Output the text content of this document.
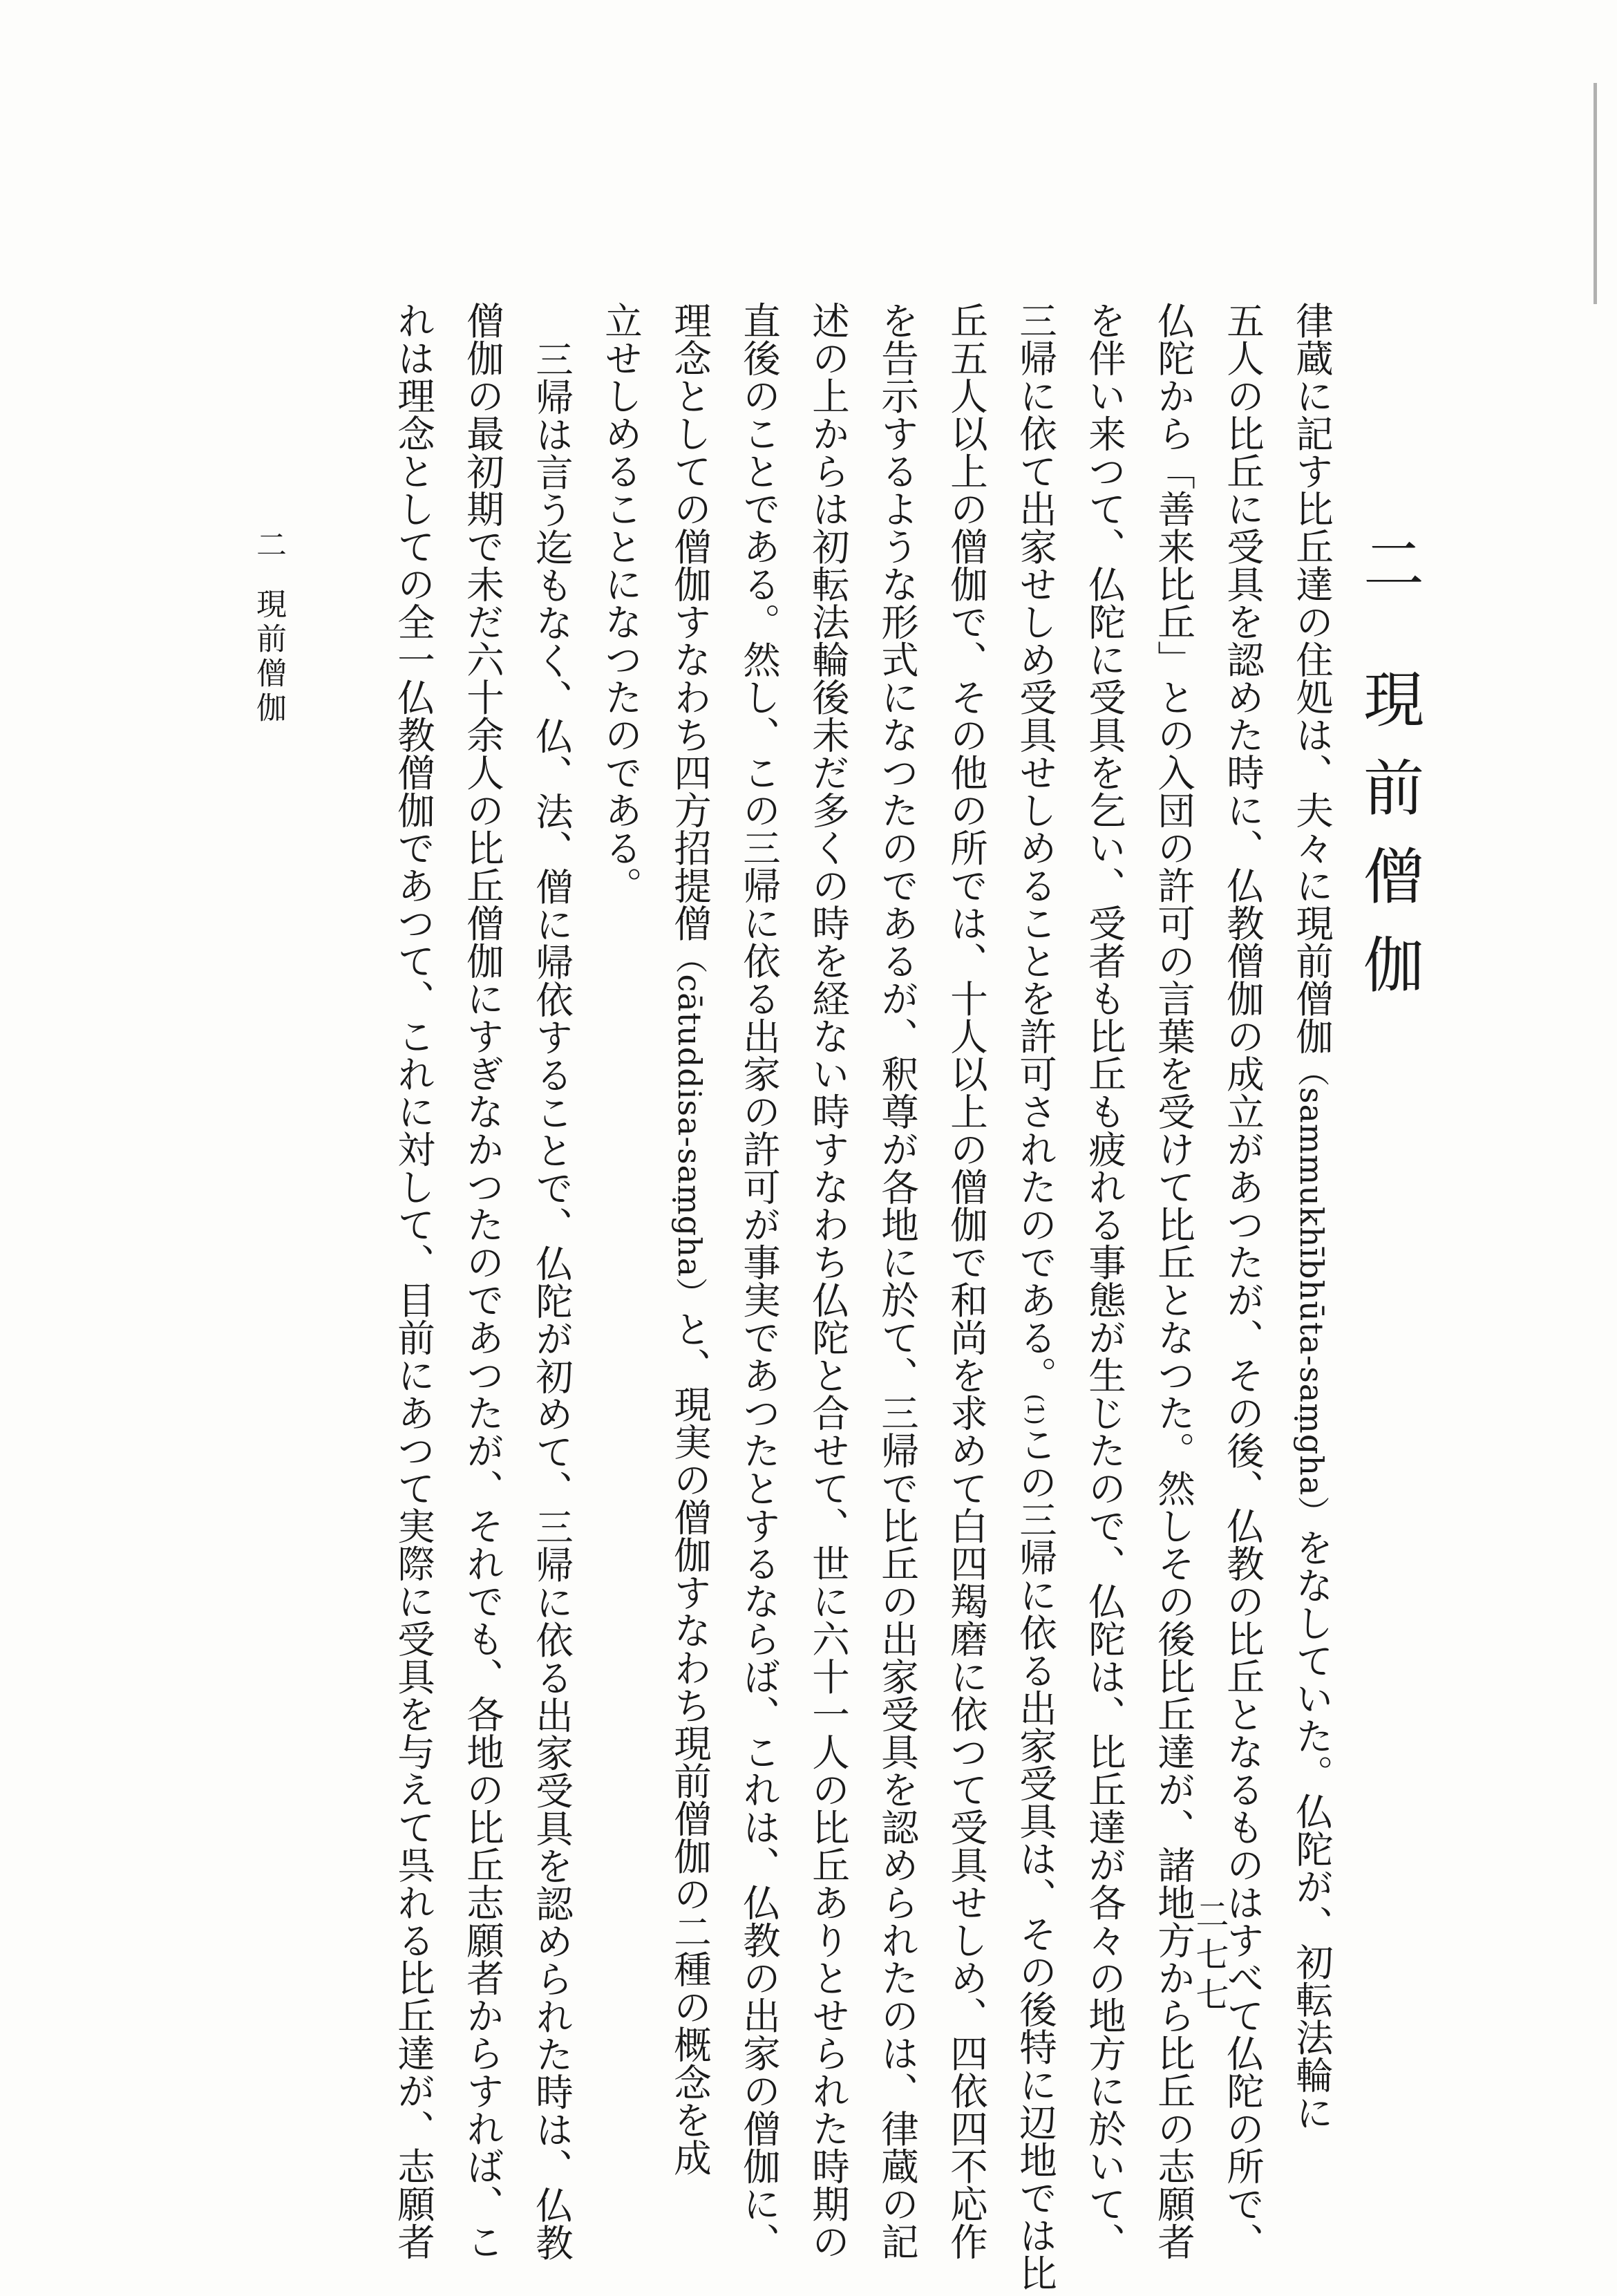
二 現前僧伽
律蔵に記す比丘達の住処は、夫々に現前僧伽（sammukhībhūta-saṃgha）をなしていた。仏陀が、初転法輪に
五人の比丘に受具を認めた時に、仏教僧伽の成立があつたが、その後、仏教の比丘となるものはすべて仏陀の所で、
仏陀から「善来比丘」との入団の許可の言葉を受けて比丘となつた。然しその後比丘達が、諸地方から比丘の志願者
を伴い来つて、仏陀に受具を乞い、受者も比丘も疲れる事態が生じたので、仏陀は、比丘達が各々の地方に於いて、
三帰に依て出家せしめ受具せしめることを許可されたのである。(1)この三帰に依る出家受具は、その後特に辺地では比
丘五人以上の僧伽で、その他の所では、十人以上の僧伽で和尚を求めて白四羯磨に依つて受具せしめ、四依四不応作
を告示するような形式になつたのであるが、釈尊が各地に於て、三帰で比丘の出家受具を認められたのは、律蔵の記
述の上からは初転法輪後未だ多くの時を経ない時すなわち仏陀と合せて、世に六十一人の比丘ありとせられた時期の
直後のことである。然し、この三帰に依る出家の許可が事実であつたとするならば、これは、仏教の出家の僧伽に、
理念としての僧伽すなわち四方招提僧（cātuddisa-saṃgha）と、現実の僧伽すなわち現前僧伽の二種の概念を成
立せしめることになつたのである。
三帰は言う迄もなく、仏、法、僧に帰依することで、仏陀が初めて、三帰に依る出家受具を認められた時は、仏教
僧伽の最初期で未だ六十余人の比丘僧伽にすぎなかつたのであつたが、それでも、各地の比丘志願者からすれば、こ
れは理念としての全一仏教僧伽であつて、これに対して、目前にあつて実際に受具を与えて呉れる比丘達が、志願者	二七七
二現前僧伽
